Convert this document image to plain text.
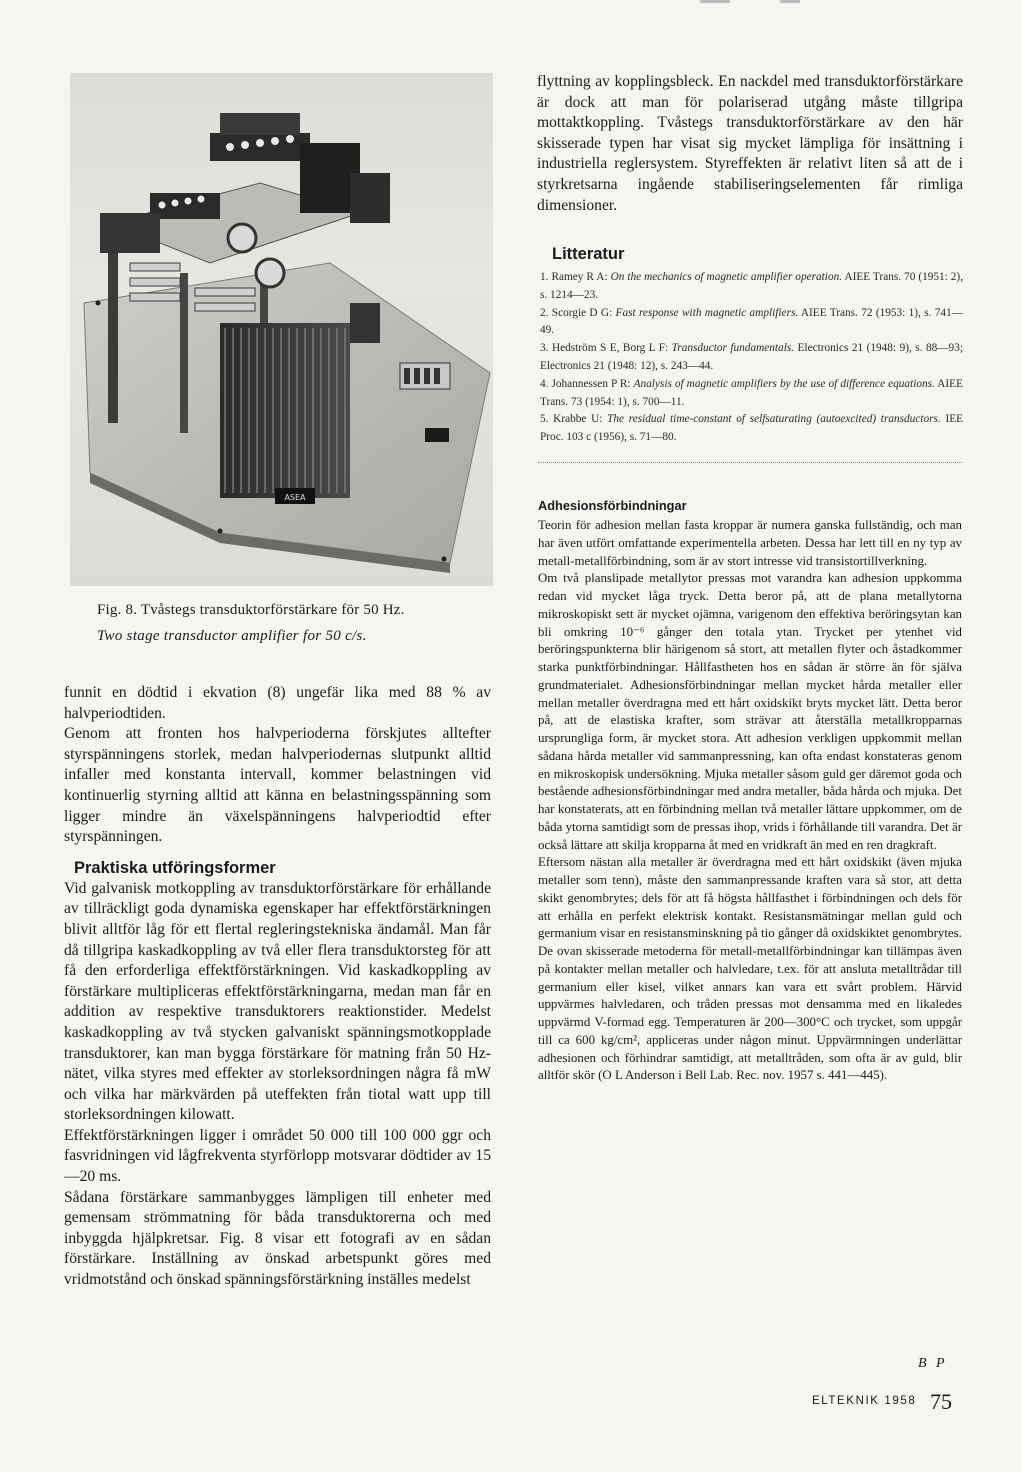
ASEA
Fig. 8. Tvåstegs transduktorförstärkare för 50 Hz.
Two stage transductor amplifier for 50 c/s.

funnit en dödtid i ekvation (8) ungefär lika med 88 % av halvperiodtiden.

Genom att fronten hos halvperioderna förskjutes alltefter styrspänningens storlek, medan halvperiodernas slutpunkt alltid infaller med konstanta intervall, kommer belastningen vid kontinuerlig styrning alltid att känna en belastningsspänning som ligger mindre än växelspänningens halvperiodtid efter styrspänningen.

Praktiska utföringsformer

Vid galvanisk motkoppling av transduktorförstärkare för erhållande av tillräckligt goda dynamiska egenskaper har effektförstärkningen blivit alltför låg för ett flertal regleringstekniska ändamål. Man får då tillgripa kaskadkoppling av två eller flera transduktorsteg för att få den erforderliga effektförstärkningen. Vid kaskadkoppling av förstärkare multipliceras effektförstärkningarna, medan man får en addition av respektive transduktorers reaktionstider. Medelst kaskadkoppling av två stycken galvaniskt spänningsmotkopplade transduktorer, kan man bygga förstärkare för matning från 50 Hz-nätet, vilka styres med effekter av storleksordningen några få mW och vilka har märkvärden på uteffekten från tiotal watt upp till storleksordningen kilowatt.

Effektförstärkningen ligger i området 50 000 till 100 000 ggr och fasvridningen vid lågfrekventa styrförlopp motsvarar dödtider av 15—20 ms.

Sådana förstärkare sammanbygges lämpligen till enheter med gemensam strömmatning för båda transduktorerna och med inbyggda hjälpkretsar. Fig. 8 visar ett fotografi av en sådan förstärkare. Inställning av önskad arbetspunkt göres med vridmotstånd och önskad spänningsförstärkning inställes medelst

flyttning av kopplingsbleck. En nackdel med transduktorförstärkare är dock att man för polariserad utgång måste tillgripa mottaktkoppling. Tvåstegs transduktorförstärkare av den här skisserade typen har visat sig mycket lämpliga för insättning i industriella reglersystem. Styreffekten är relativt liten så att de i styrkretsarna ingående stabiliseringselementen får rimliga dimensioner.

Litteratur
1. Ramey R A: On the mechanics of magnetic amplifier operation. AIEE Trans. 70 (1951: 2), s. 1214—23.
2. Scorgie D G: Fast response with magnetic amplifiers. AIEE Trans. 72 (1953: 1), s. 741—49.
3. Hedström S E, Borg L F: Transductor fundamentals. Electronics 21 (1948: 9), s. 88—93; Electronics 21 (1948: 12), s. 243—44.
4. Johannessen P R: Analysis of magnetic amplifiers by the use of difference equations. AIEE Trans. 73 (1954: 1), s. 700—11.
5. Krabbe U: The residual time-constant of selfsaturating (autoexcited) transductors. IEE Proc. 103 c (1956), s. 71—80.
Adhesionsförbindningar

Teorin för adhesion mellan fasta kroppar är numera ganska fullständig, och man har även utfört omfattande experimentella arbeten. Dessa har lett till en ny typ av metall-metallförbindning, som är av stort intresse vid transistortillverkning.

Om två planslipade metallytor pressas mot varandra kan adhesion uppkomma redan vid mycket låga tryck. Detta beror på, att de plana metallytorna mikroskopiskt sett är mycket ojämna, varigenom den effektiva beröringsytan kan bli omkring 10⁻⁶ gånger den totala ytan. Trycket per ytenhet vid beröringspunkterna blir härigenom så stort, att metallen flyter och åstadkommer starka punktförbindningar. Hållfastheten hos en sådan är större än för själva grundmaterialet. Adhesionsförbindningar mellan mycket hårda metaller eller mellan metaller överdragna med ett hårt oxidskikt bryts mycket lätt. Detta beror på, att de elastiska krafter, som strävar att återställa metallkropparnas ursprungliga form, är mycket stora. Att adhesion verkligen uppkommit mellan sådana hårda metaller vid sammanpressning, kan ofta endast konstateras genom en mikroskopisk undersökning. Mjuka metaller såsom guld ger däremot goda och bestående adhesionsförbindningar med andra metaller, båda hårda och mjuka. Det har konstaterats, att en förbindning mellan två metaller lättare uppkommer, om de båda ytorna samtidigt som de pressas ihop, vrids i förhållande till varandra. Det är också lättare att skilja kropparna åt med en vridkraft än med en ren dragkraft.

Eftersom nästan alla metaller är överdragna med ett hårt oxidskikt (även mjuka metaller som tenn), måste den sammanpressande kraften vara så stor, att detta skikt genombrytes; dels för att få högsta hållfasthet i förbindningen och dels för att erhålla en perfekt elektrisk kontakt. Resistansmätningar mellan guld och germanium visar en resistansminskning på tio gånger då oxidskiktet genombrytes.

De ovan skisserade metoderna för metall-metallförbindningar kan tillämpas även på kontakter mellan metaller och halvledare, t.ex. för att ansluta metalltrådar till germanium eller kisel, vilket annars kan vara ett svårt problem. Härvid uppvärmes halvledaren, och tråden pressas mot densamma med en likaledes uppvärmd V-formad egg. Temperaturen är 200—300°C och trycket, som uppgår till ca 600 kg/cm², appliceras under någon minut. Uppvärmningen underlättar adhesionen och förhindrar samtidigt, att metalltråden, som ofta är av guld, blir alltför skör (O L Anderson i Bell Lab. Rec. nov. 1957 s. 441—445).

B P
ELTEKNIK 1958 75
